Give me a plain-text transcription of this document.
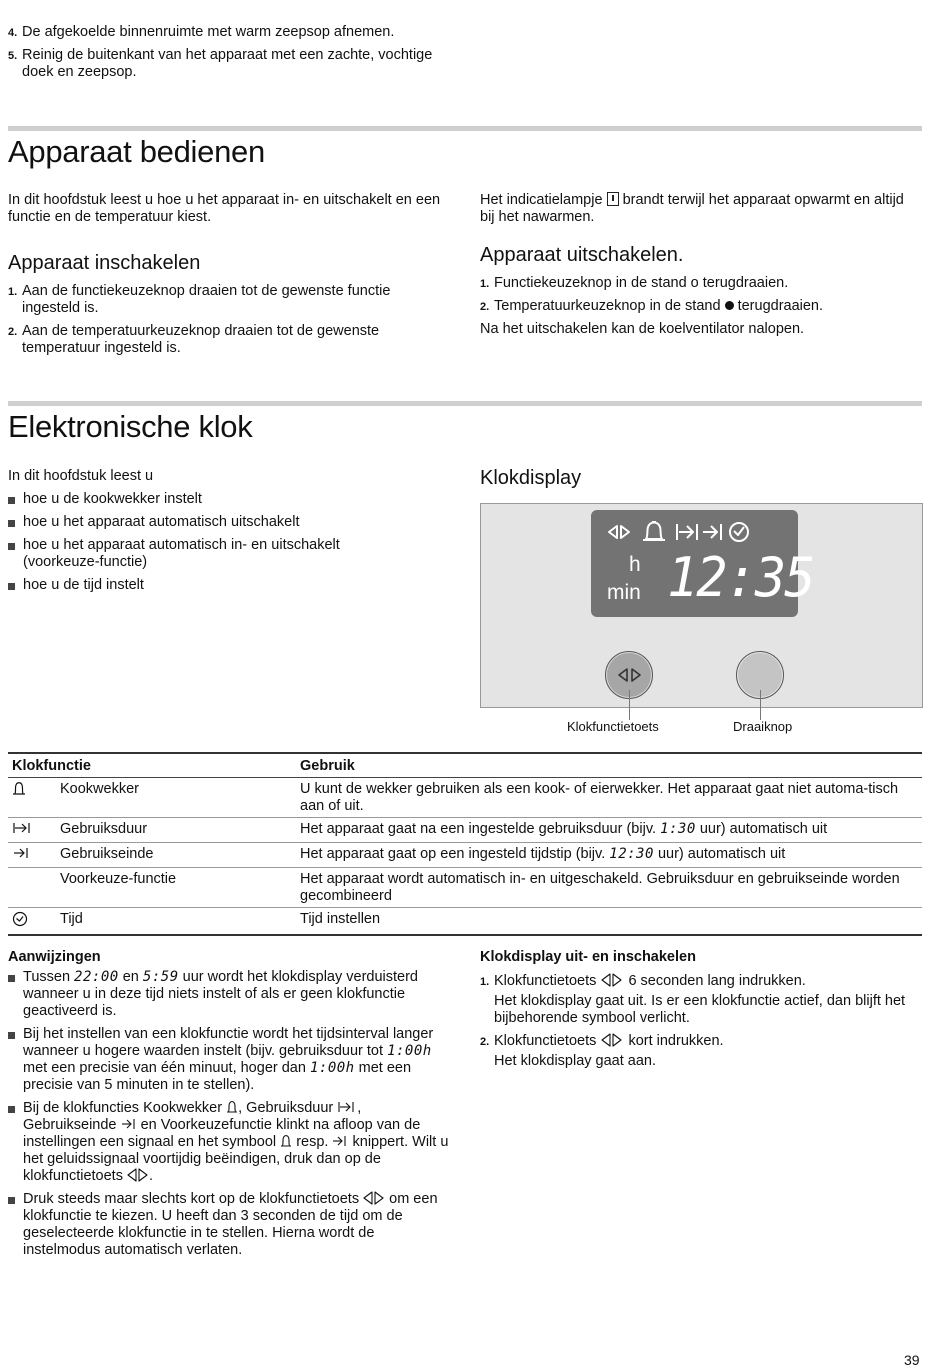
4. De afgekoelde binnenruimte met warm zeepsop afnemen.
5. Reinig de buitenkant van het apparaat met een zachte, vochtige doek en zeepsop.
Apparaat bedienen
In dit hoofdstuk leest u hoe u het apparaat in- en uitschakelt en een functie en de temperatuur kiest.
Apparaat inschakelen
1. Aan de functiekeuzeknop draaien tot de gewenste functie ingesteld is.
2. Aan de temperatuurkeuzeknop draaien tot de gewenste temperatuur ingesteld is.
Het indicatielampje brandt terwijl het apparaat opwarmt en altijd bij het nawarmen.
Apparaat uitschakelen.
1. Functiekeuzeknop in de stand o terugdraaien.
2. Temperatuurkeuzeknop in de stand terugdraaien.
Na het uitschakelen kan de koelventilator nalopen.
Elektronische klok
In dit hoofdstuk leest u
hoe u de kookwekker instelt
hoe u het apparaat automatisch uitschakelt
hoe u het apparaat automatisch in- en uitschakelt (voorkeuze-functie)
hoe u de tijd instelt
Klokdisplay
h
min 12:35
Klokfunctietoets	Draaiknop
Klokfunctie		Gebruik
	Kookwekker	U kunt de wekker gebruiken als een kook- of eierwekker. Het apparaat gaat niet automa-tisch aan of uit.
	Gebruiksduur	Het apparaat gaat na een ingestelde gebruiksduur (bijv. 1:30 uur) automatisch uit
	Gebruikseinde	Het apparaat gaat op een ingesteld tijdstip (bijv. 12:30 uur) automatisch uit
	Voorkeuze-functie	Het apparaat wordt automatisch in- en uitgeschakeld. Gebruiksduur en gebruikseinde worden gecombineerd
	Tijd	Tijd instellen
Aanwijzingen
Tussen 22:00 en 5:59 uur wordt het klokdisplay verduisterd wanneer u in deze tijd niets instelt of als er geen klokfunctie geactiveerd is.
Bij het instellen van een klokfunctie wordt het tijdsinterval langer wanneer u hogere waarden instelt (bijv. gebruiksduur tot 1:00h met een precisie van één minuut, hoger dan 1:00h met een precisie van 5 minuten in te stellen).
Bij de klokfuncties Kookwekker , Gebruiksduur , Gebruikseinde en Voorkeuzefunctie klinkt na afloop van de instellingen een signaal en het symbool resp. knippert. Wilt u het geluidssignaal voortijdig beëindigen, druk dan op de klokfunctietoets .
Druk steeds maar slechts kort op de klokfunctietoets om een klokfunctie te kiezen. U heeft dan 3 seconden de tijd om de geselecteerde klokfunctie in te stellen. Hierna wordt de instelmodus automatisch verlaten.
Klokdisplay uit- en inschakelen
1. Klokfunctietoets 6 seconden lang indrukken.
Het klokdisplay gaat uit. Is er een klokfunctie actief, dan blijft het bijbehorende symbool verlicht.
2. Klokfunctietoets kort indrukken.
Het klokdisplay gaat aan.
39
